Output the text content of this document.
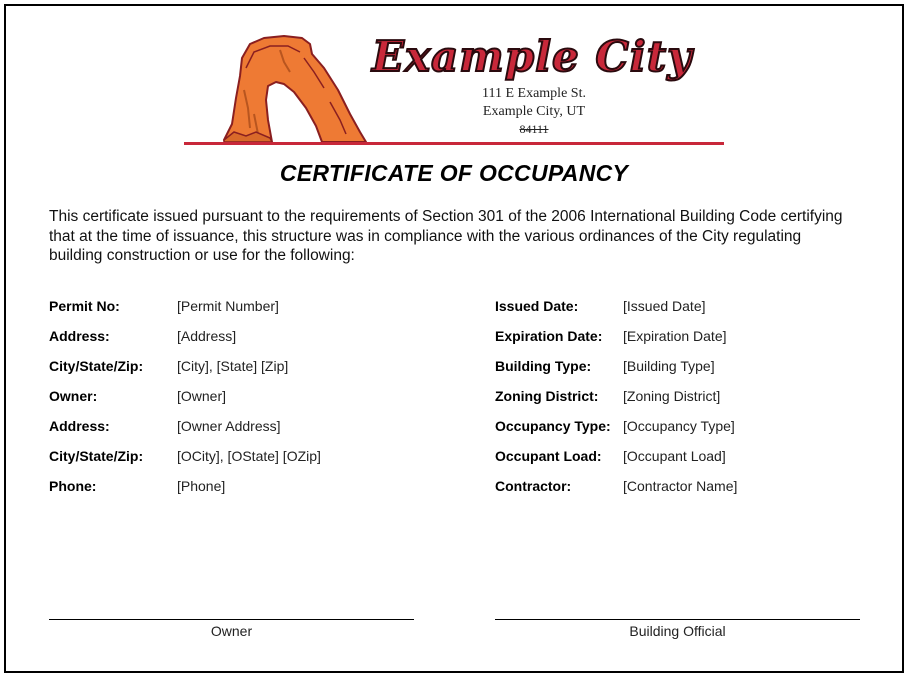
Example City
111 E Example St.
Example City, UT
84111
CERTIFICATE OF OCCUPANCY
This certificate issued pursuant to the requirements of Section 301 of the 2006 International Building Code certifying that at the time of issuance, this structure was in compliance with the various ordinances of the City regulating building construction or use for the following:
Permit No:	[Permit Number]
Address:	[Address]
City/State/Zip: [City], [State] [Zip]
Owner:	[Owner]
Address:	[Owner Address]
City/State/Zip: [OCity], [OState] [OZip]
Phone:	[Phone]
Issued Date:	[Issued Date]
Expiration Date: [Expiration Date]
Building Type: [Building Type]
Zoning District: [Zoning District]
Occupancy Type: [Occupancy Type]
Occupant Load: [Occupant Load]
Contractor:	[Contractor Name]
Owner	Building Official
